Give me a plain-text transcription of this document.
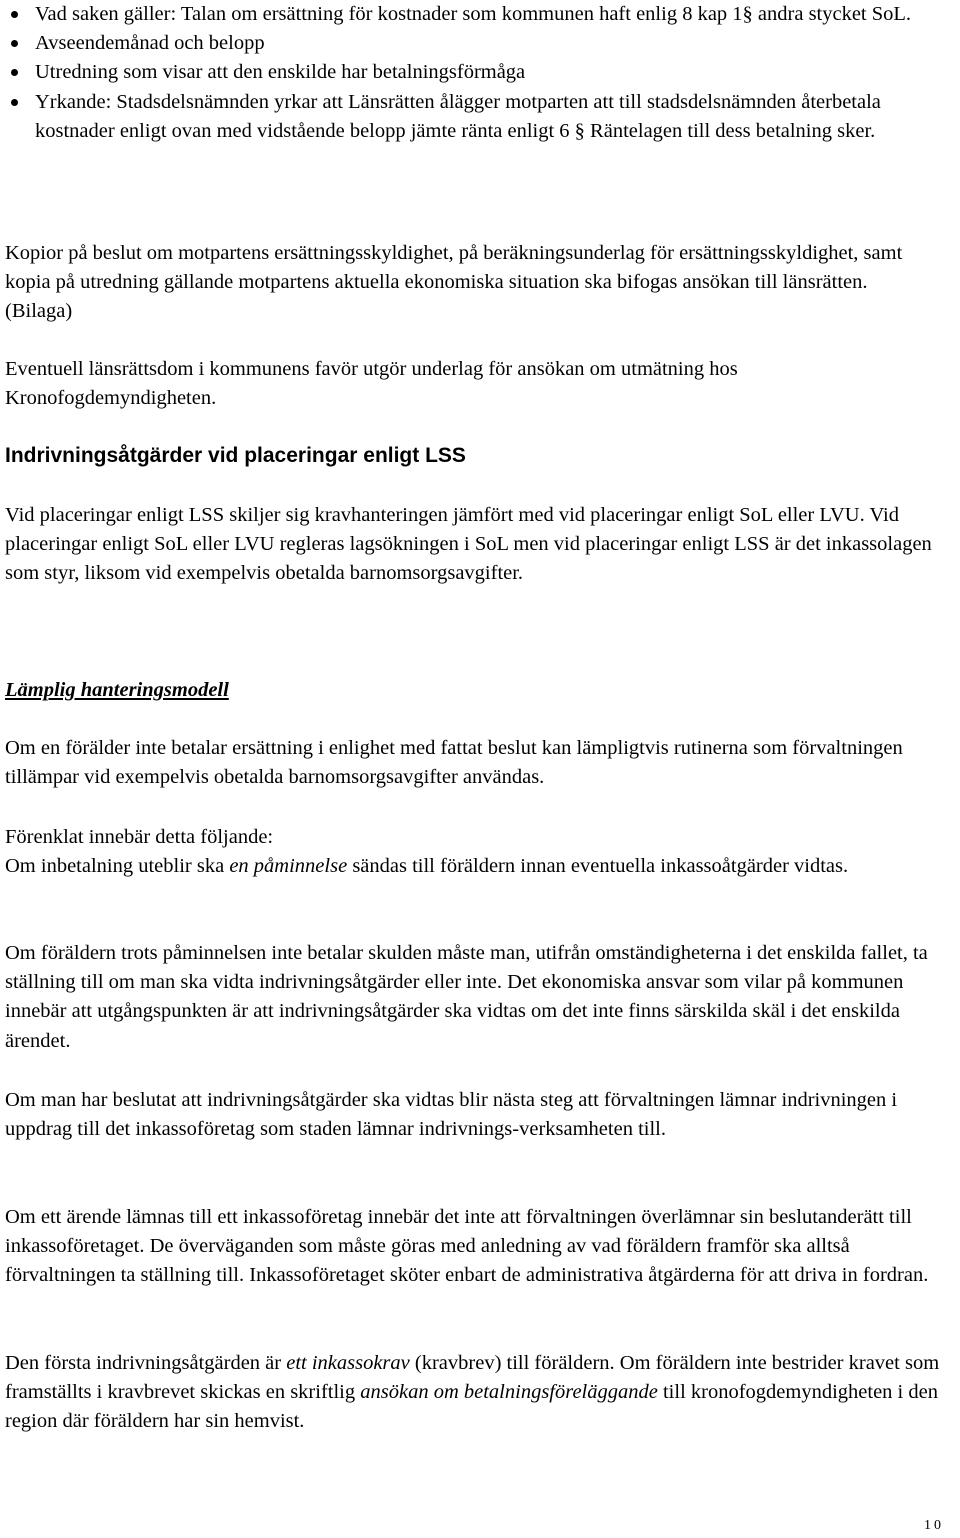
Vad saken gäller: Talan om ersättning för kostnader som kommunen haft enlig 8 kap 1§ andra stycket SoL.
Avseendemånad och belopp
Utredning som visar att den enskilde har betalningsförmåga
Yrkande: Stadsdelsnämnden yrkar att Länsrätten ålägger motparten att till stadsdelsnämnden återbetala kostnader enligt ovan med vidstående belopp jämte ränta enligt 6 § Räntelagen till dess betalning sker.

Kopior på beslut om motpartens ersättningsskyldighet, på beräkningsunderlag för ersättningsskyldighet, samt kopia på utredning gällande motpartens aktuella ekonomiska situation ska bifogas ansökan till länsrätten. (Bilaga)

Eventuell länsrättsdom i kommunens favör utgör underlag för ansökan om utmätning hos Kronofogdemyndigheten.

Indrivningsåtgärder vid placeringar enligt LSS

Vid placeringar enligt LSS skiljer sig kravhanteringen jämfört med vid placeringar enligt SoL eller LVU. Vid placeringar enligt SoL eller LVU regleras lagsökningen i SoL men vid placeringar enligt LSS är det inkassolagen som styr, liksom vid exempelvis obetalda barnomsorgsavgifter.

Lämplig hanteringsmodell

Om en förälder inte betalar ersättning i enlighet med fattat beslut kan lämpligtvis rutinerna som förvaltningen tillämpar vid exempelvis obetalda barnomsorgsavgifter användas.

Förenklat innebär detta följande:
Om inbetalning uteblir ska en påminnelse sändas till föräldern innan eventuella inkassoåtgärder vidtas.

Om föräldern trots påminnelsen inte betalar skulden måste man, utifrån omständigheterna i det enskilda fallet, ta ställning till om man ska vidta indrivningsåtgärder eller inte. Det ekonomiska ansvar som vilar på kommunen innebär att utgångspunkten är att indrivningsåtgärder ska vidtas om det inte finns särskilda skäl i det enskilda ärendet.

Om man har beslutat att indrivningsåtgärder ska vidtas blir nästa steg att förvaltningen lämnar indrivningen i uppdrag till det inkassoföretag som staden lämnar indrivnings-verksamheten till.

Om ett ärende lämnas till ett inkassoföretag innebär det inte att förvaltningen överlämnar sin beslutanderätt till inkassoföretaget. De överväganden som måste göras med anledning av vad föräldern framför ska alltså förvaltningen ta ställning till. Inkassoföretaget sköter enbart de administrativa åtgärderna för att driva in fordran.

Den första indrivningsåtgärden är ett inkassokrav (kravbrev) till föräldern. Om föräldern inte bestrider kravet som framställts i kravbrevet skickas en skriftlig ansökan om betalningsföreläggande till kronofogdemyndigheten i den region där föräldern har sin hemvist.

10
